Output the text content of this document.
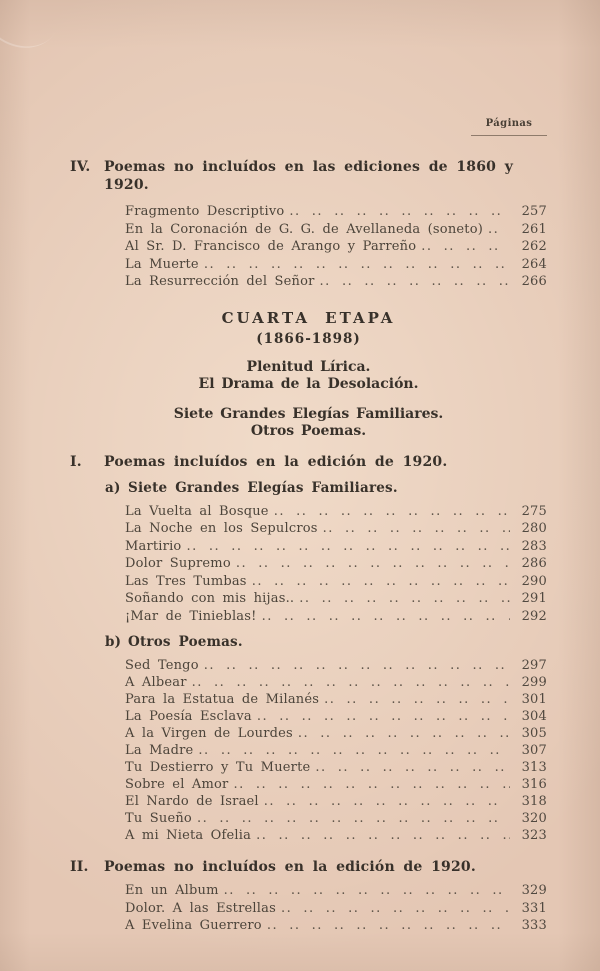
Páginas
IV. Poemas no incluídos en las ediciones de 1860 y 1920.
Fragmento Descriptivo .. ..	257
En la Coronación de G. G. de Avellaneda (soneto) .. ..	261
Al Sr. D. Francisco de Arango y Parreño .. ..	262
La Muerte .. ..	264
La Resurrección del Señor .. ..	266
CUARTA ETAPA
(1866-1898)
Plenitud Lírica.
El Drama de la Desolación.
Siete Grandes Elegías Familiares.
Otros Poemas.
I.	Poemas incluídos en la edición de 1920.
a) Siete Grandes Elegías Familiares.
La Vuelta al Bosque .. ..	275
La Noche en los Sepulcros .. ..	280
Martirio .. ..	283
Dolor Supremo .. ..	286
Las Tres Tumbas .. ..	290
Soñando con mis hijas.. .. ..	291
¡Mar de Tinieblas! .. ..	292
b) Otros Poemas.
Sed Tengo .. ..	297
A Albear .. ..	299
Para la Estatua de Milanés .. ..	301
La Poesía Esclava .. ..	304
A la Virgen de Lourdes .. ..	305
La Madre .. ..	307
Tu Destierro y Tu Muerte .. ..	313
Sobre el Amor .. ..	316
El Nardo de Israel .. ..	318
Tu Sueño .. ..	320
A mi Nieta Ofelia .. ..	323
II.	Poemas no incluídos en la edición de 1920.
En un Album .. ..	329
Dolor. A las Estrellas .. ..	331
A Evelina Guerrero .. ..	333
